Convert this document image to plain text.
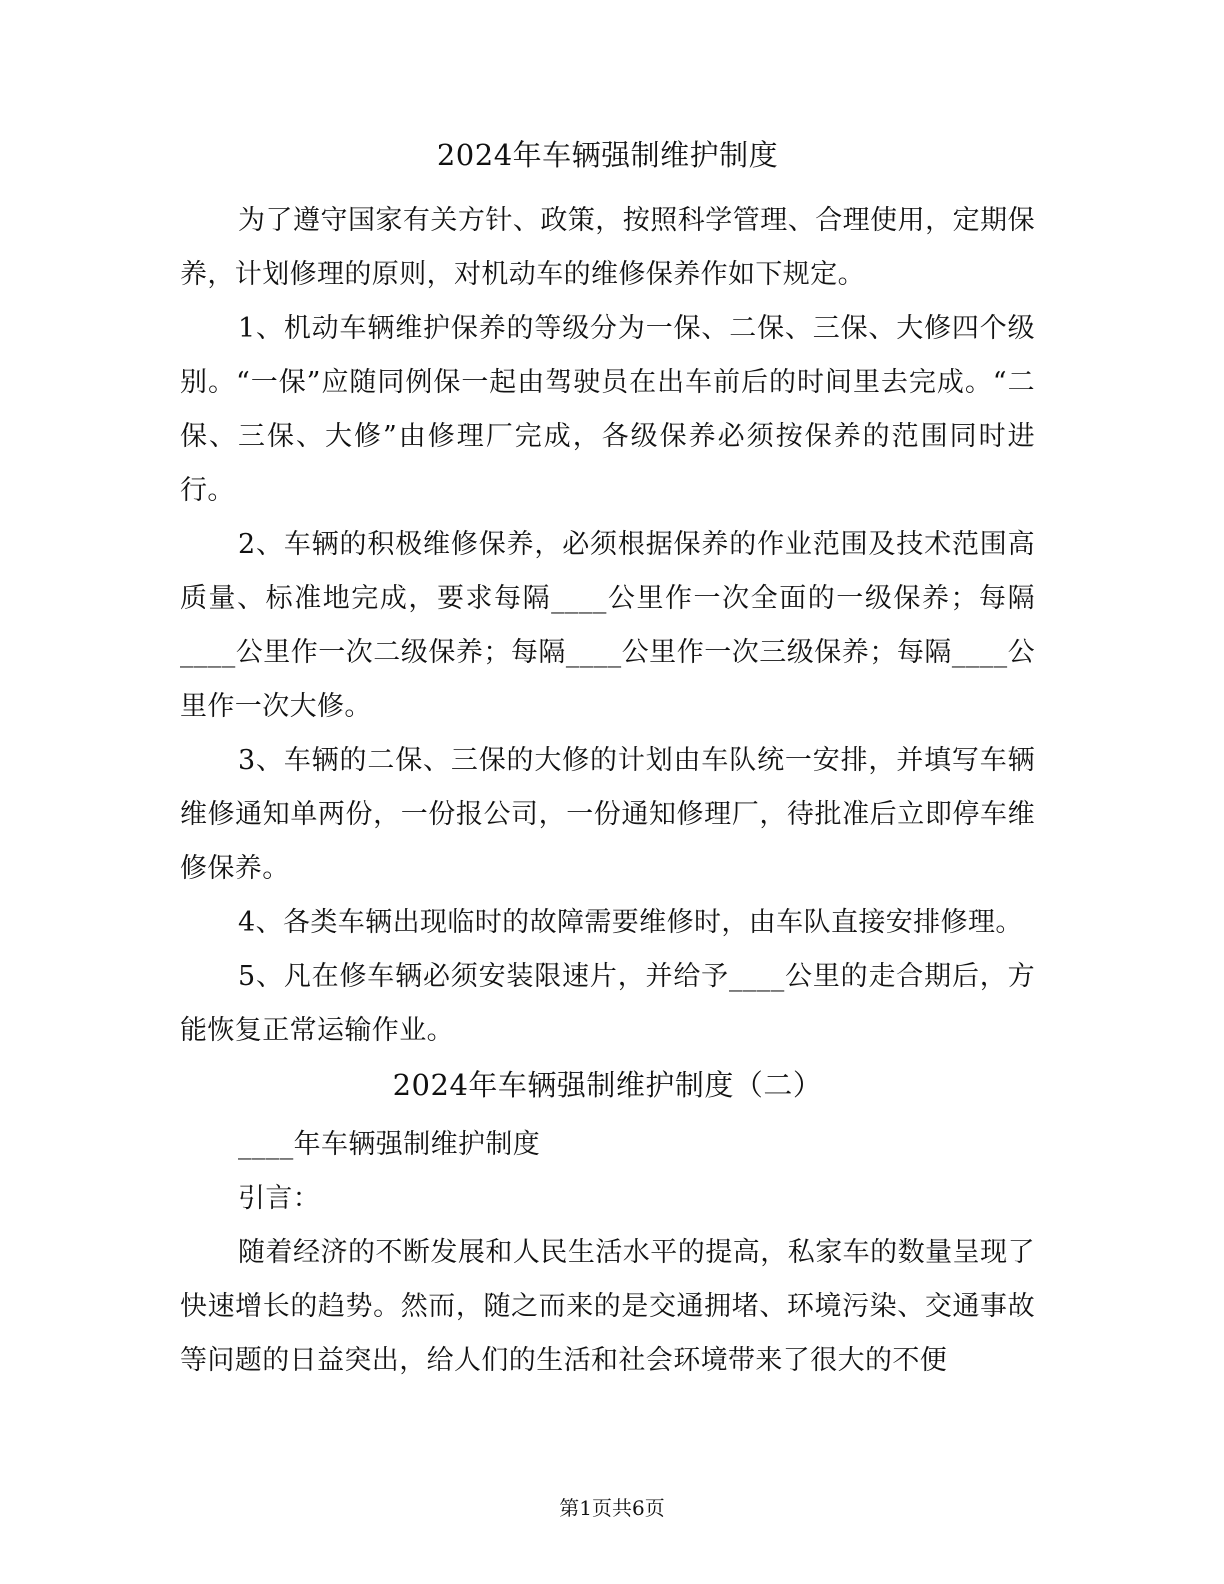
2024年车辆强制维护制度

为了遵守国家有关方针、政策，按照科学管理、合理使用，定期保养，计划修理的原则，对机动车的维修保养作如下规定。

1、机动车辆维护保养的等级分为一保、二保、三保、大修四个级别。“一保”应随同例保一起由驾驶员在出车前后的时间里去完成。“二保、三保、大修”由修理厂完成，各级保养必须按保养的范围同时进行。

2、车辆的积极维修保养，必须根据保养的作业范围及技术范围高质量、标准地完成，要求每隔____公里作一次全面的一级保养；每隔____公里作一次二级保养；每隔____公里作一次三级保养；每隔____公里作一次大修。

3、车辆的二保、三保的大修的计划由车队统一安排，并填写车辆维修通知单两份，一份报公司，一份通知修理厂，待批准后立即停车维修保养。

4、各类车辆出现临时的故障需要维修时，由车队直接安排修理。

5、凡在修车辆必须安装限速片，并给予____公里的走合期后，方能恢复正常运输作业。

2024年车辆强制维护制度（二）

____年车辆强制维护制度

引言：

随着经济的不断发展和人民生活水平的提高，私家车的数量呈现了快速增长的趋势。然而，随之而来的是交通拥堵、环境污染、交通事故等问题的日益突出，给人们的生活和社会环境带来了很大的不便

第1页共6页
